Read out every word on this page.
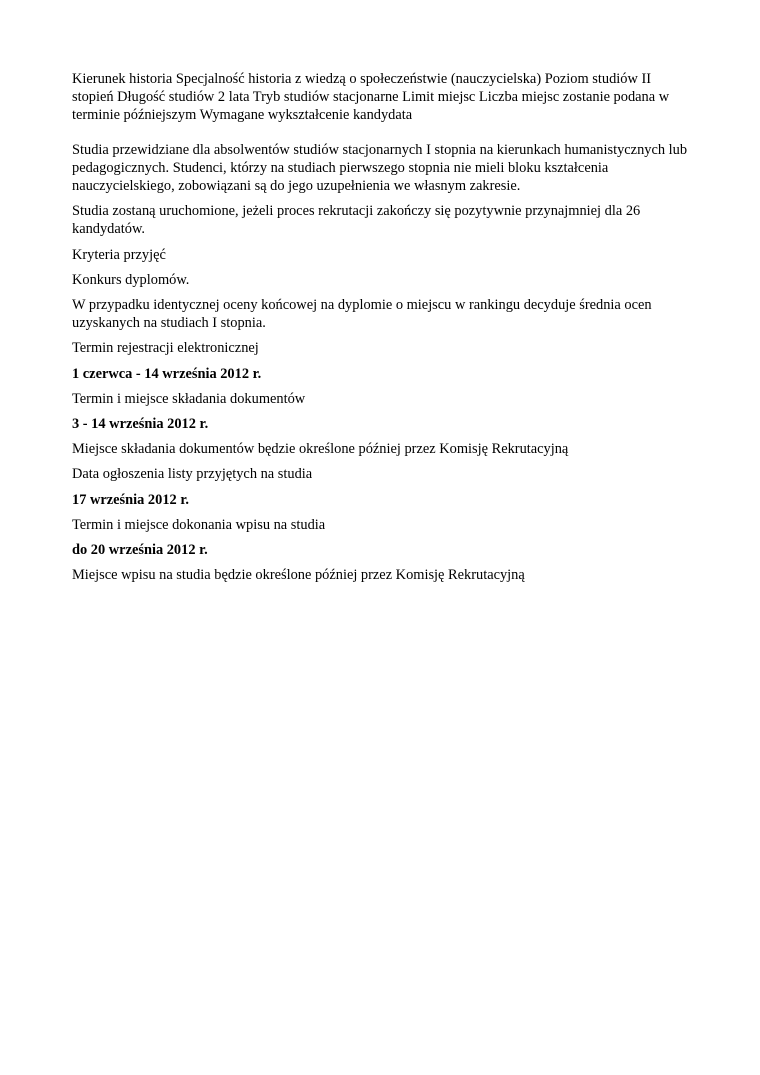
Kierunek historia Specjalność historia z wiedzą o społeczeństwie (nauczycielska) Poziom studiów II stopień Długość studiów 2 lata Tryb studiów stacjonarne Limit miejsc Liczba miejsc zostanie podana w terminie późniejszym Wymagane wykształcenie kandydata

Studia przewidziane dla absolwentów studiów stacjonarnych I stopnia na kierunkach humanistycznych lub pedagogicznych. Studenci, którzy na studiach pierwszego stopnia nie mieli bloku kształcenia nauczycielskiego, zobowiązani są do jego uzupełnienia we własnym zakresie.

Studia zostaną uruchomione, jeżeli proces rekrutacji zakończy się pozytywnie przynajmniej dla 26 kandydatów.

Kryteria przyjęć

Konkurs dyplomów.

W przypadku identycznej oceny końcowej na dyplomie o miejscu w rankingu decyduje średnia ocen uzyskanych na studiach I stopnia.

Termin rejestracji elektronicznej

1 czerwca - 14 września 2012 r.

Termin i miejsce składania dokumentów

3 - 14 września 2012 r.

Miejsce składania dokumentów będzie określone później przez Komisję Rekrutacyjną

Data ogłoszenia listy przyjętych na studia

17 września 2012 r.

Termin i miejsce dokonania wpisu na studia

do 20 września 2012 r.

Miejsce wpisu na studia będzie określone później przez Komisję Rekrutacyjną
